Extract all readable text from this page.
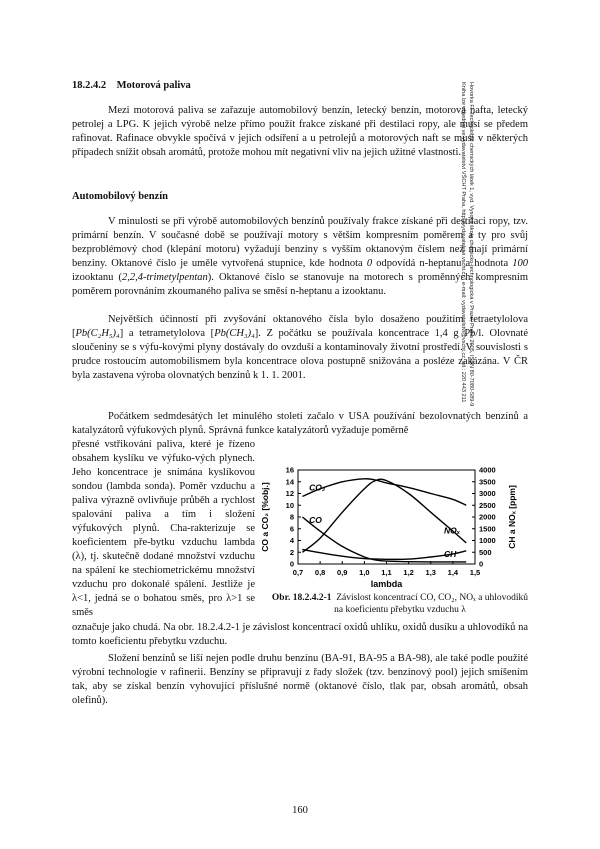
Hovorka F.: Technologie chemických látek 1, vyd. Vysoká škola chemicko-technologická v Praze, Praha 2005, ISBN 80-7080-589-9
Kniha lze objednat ve vydavatelství VŠCHT Praha, http://vydavatelstvi.vscht.cz/, e-mail: vydavatelstvi@vscht.cz, tel.: 220 443 211
18.2.4.2 Motorová paliva

Mezi motorová paliva se zařazuje automobilový benzín, letecký benzín, motorová nafta, letecký petrolej a LPG. K jejich výrobě nelze přímo použít frakce získané při destilaci ropy, ale musí se předem rafinovat. Rafinace obvykle spočívá v jejich odsíření a u petrolejů a motorových naft se musí v některých případech snížit obsah aromátů, protože mohou mít negativní vliv na jejich užitné vlastnosti.

Automobilový benzín

V minulosti se při výrobě automobilových benzínů používaly frakce získané při destilaci ropy, tzv. primární benzín. V současné době se používají motory s větším kompresním poměrem a ty pro svůj bezproblémový chod (klepání motoru) vyžadují benziny s vyšším oktanovým číslem než mají primární benziny. Oktanové číslo je uměle vytvořená stupnice, kde hodnota 0 odpovídá n-heptanu a hodnota 100 izooktanu (2,2,4-trimetylpentan). Oktanové číslo se stanovuje na motorech s proměnných kompresním poměrem porovnáním zkoumaného paliva se směsí n-heptanu a izooktanu.

Největších účinností při zvyšování oktanového čísla bylo dosaženo použitím tetraetylolova [Pb(C₂H₅)₄] a tetrametylolova [Pb(CH₃)₄]. Z počátku se používala koncentrace 1,4 g Pb/l. Olovnaté sloučeniny se s výfu-kovými plyny dostávaly do ovzduší a kontaminovaly životní prostředí. V souvislosti s prudce rostoucím automobilismem byla koncentrace olova postupně snižována a posléze zakázána. V ČR byla zastavena výroba olovnatých benzínů k 1. 1. 2001.

Počátkem sedmdesátých let minulého století začalo v USA používání bezolovnatých benzínů a katalyzátorů výfukových plynů. Správná funkce katalyzátorů vyžaduje poměrně

přesné vstřikování paliva, které je řízeno obsahem kyslíku ve výfuko-vých plynech. Jeho koncentrace je snímána kyslíkovou sondou (lambda sonda). Poměr vzduchu a paliva výrazně ovlivňuje průběh a rychlost spalování paliva a tím i složení výfukových plynů. Cha-rakterizuje se koeficientem pře-bytku vzduchu lambda (λ), tj. skutečně dodané množství vzduchu na spálení ke stechiometrickému množství vzduchu pro dokonalé spálení. Jestliže je λ<1, jedná se o bohatou směs, pro λ>1 se směs

0,7 0,8 0,9 1,0 1,1 1,2 1,3 1,4 1,5
0
2
4
6
8
10
12
14
16
0
500
1000
1500
2000
2500
3000
3500
4000
lambda
CO a CO₂ [%obj.]	CH a NOₓ [ppm]
CO₂
CO
NOₓ
CH
Obr. 18.2.4.2-1 Závislost koncentrací CO, CO₂, NOₓ a uhlovodíků na koeficientu přebytku vzduchu λ

označuje jako chudá. Na obr. 18.2.4.2-1 je závislost koncentrací oxidů uhlíku, oxidů dusíku a uhlovodíků na tomto koeficientu přebytku vzduchu.

Složení benzínů se liší nejen podle druhu benzínu (BA-91, BA-95 a BA-98), ale také podle použité výrobní technologie v rafinerii. Benzíny se připravují z řady složek (tzv. benzínový pool) jejich smíšením tak, aby se získal benzín vyhovující příslušné normě (oktanové číslo, tlak par, obsah aromátů, obsah olefinů).

160
